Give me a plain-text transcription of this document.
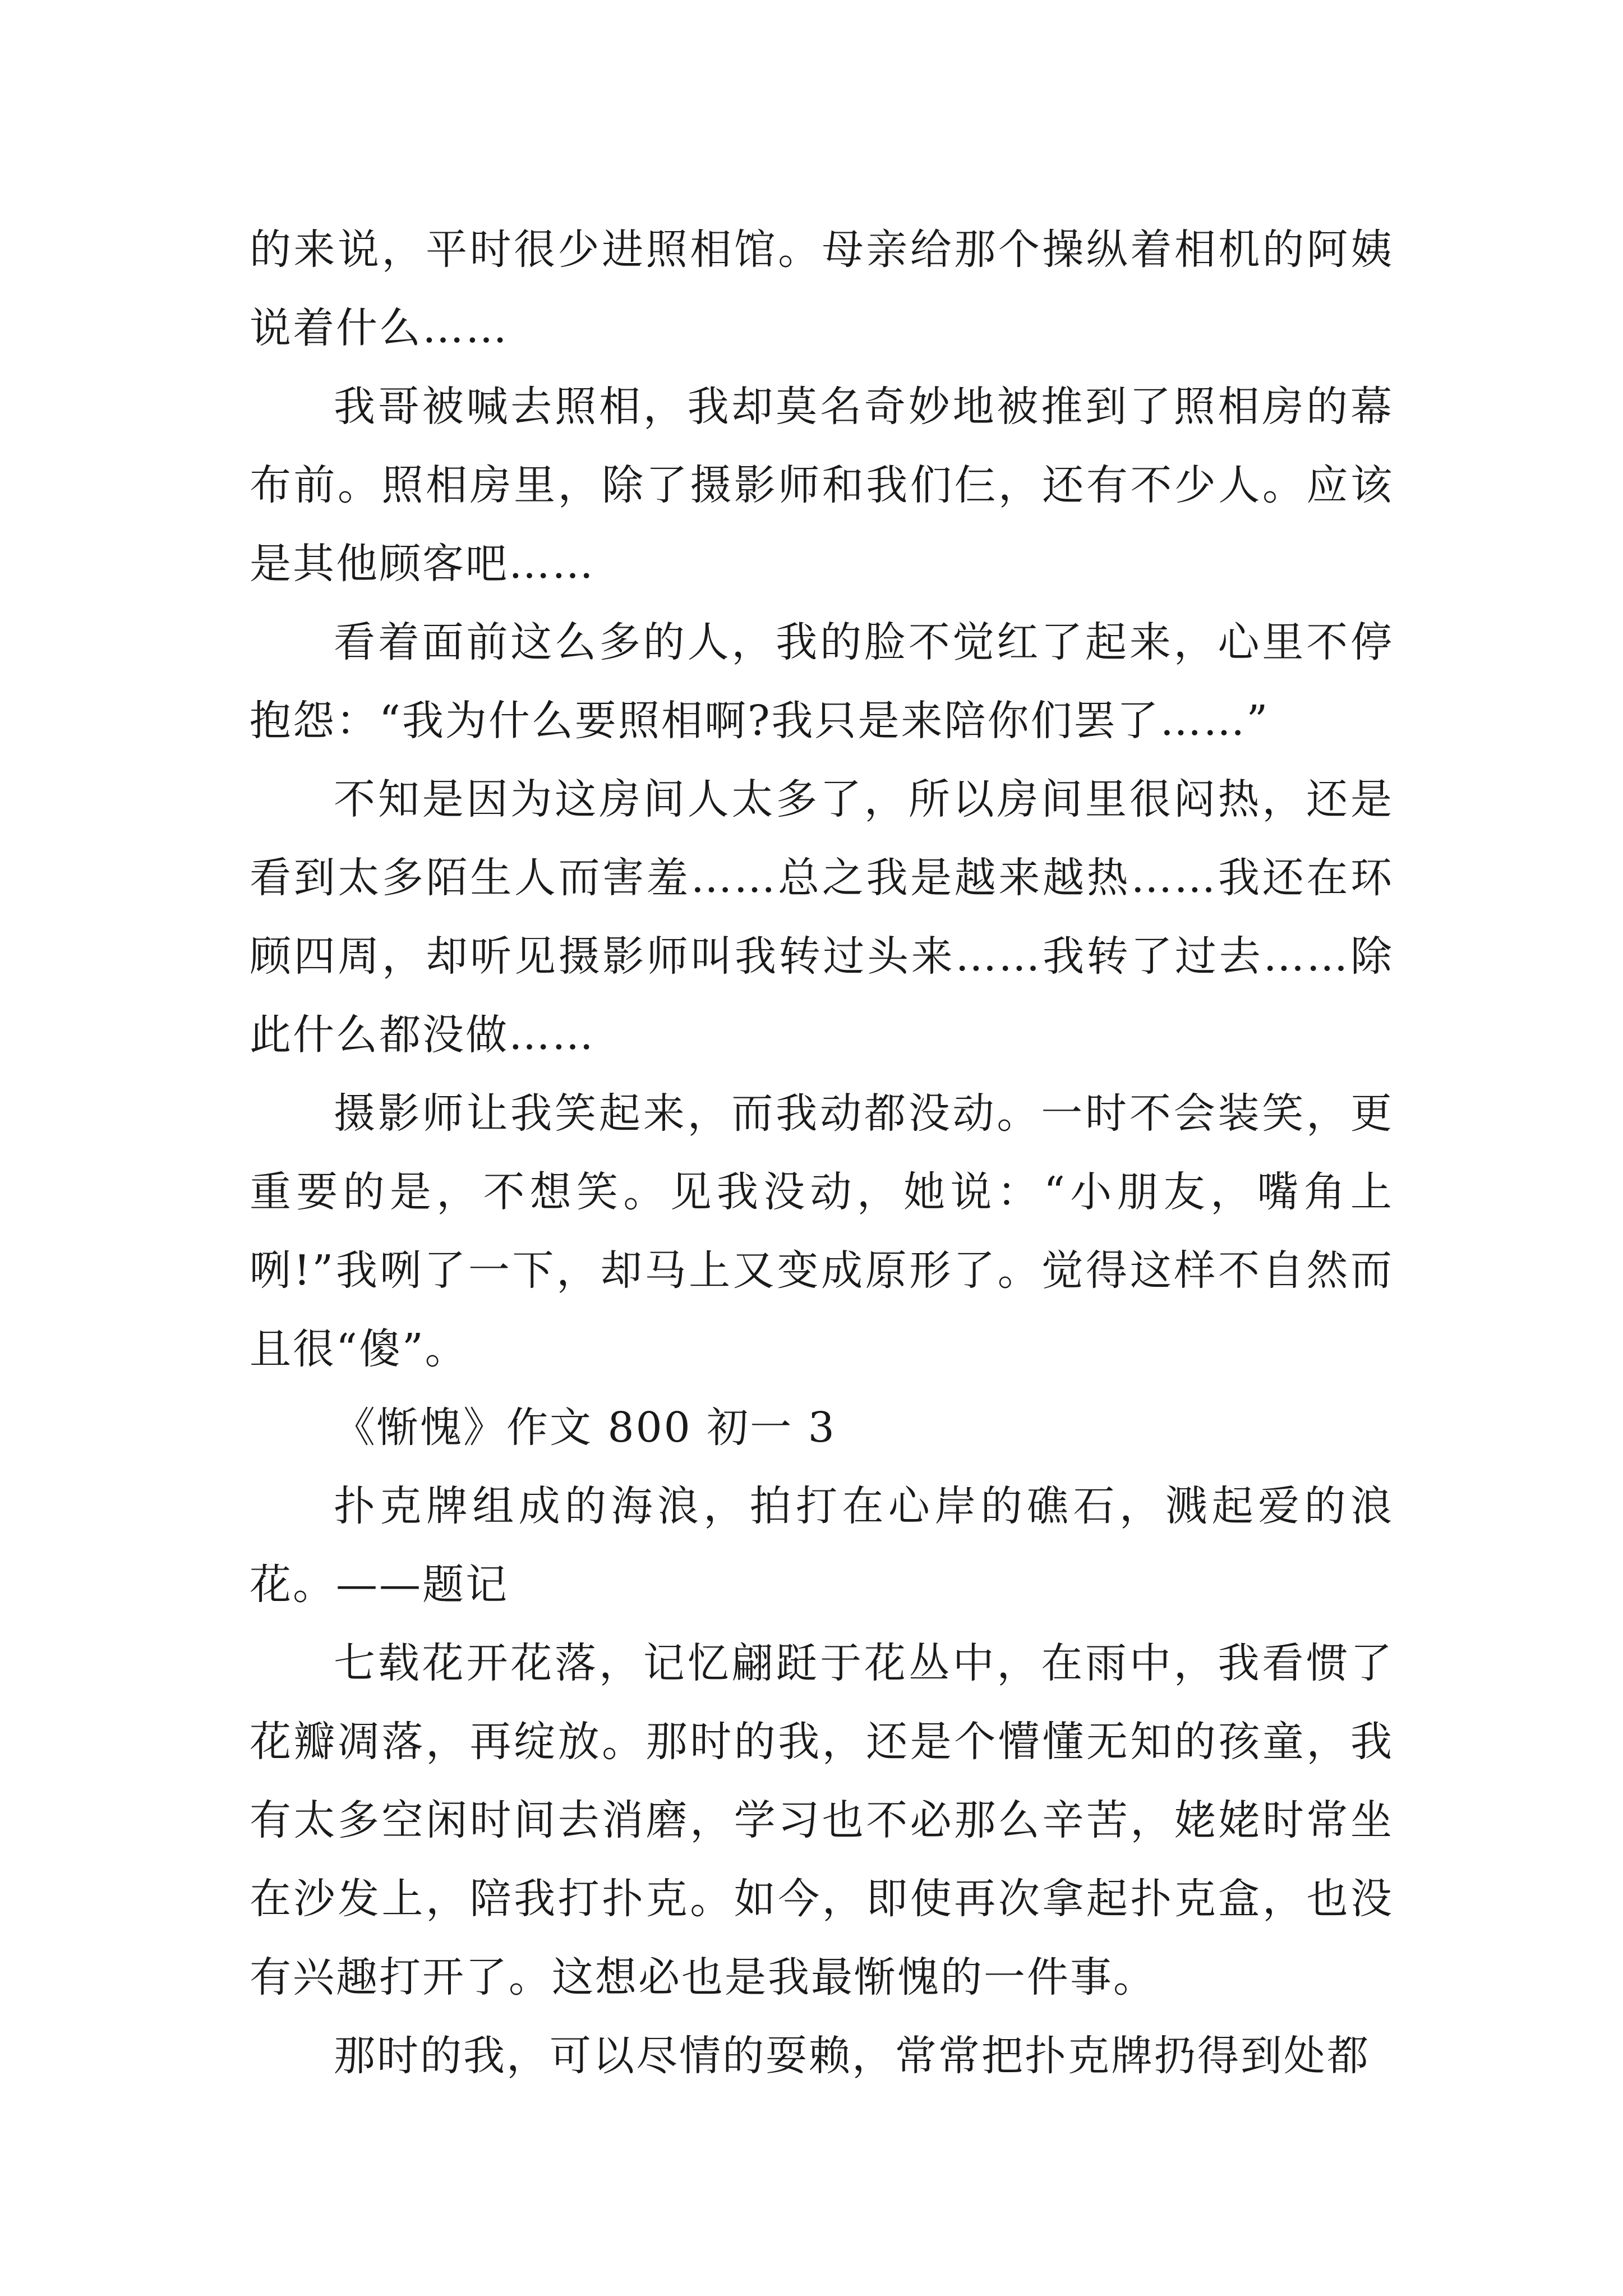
的来说，平时很少进照相馆。母亲给那个操纵着相机的阿姨说着什么……

我哥被喊去照相，我却莫名奇妙地被推到了照相房的幕布前。照相房里，除了摄影师和我们仨，还有不少人。应该是其他顾客吧……

看着面前这么多的人，我的脸不觉红了起来，心里不停抱怨：“我为什么要照相啊?我只是来陪你们罢了……”

不知是因为这房间人太多了，所以房间里很闷热，还是看到太多陌生人而害羞……总之我是越来越热……我还在环顾四周，却听见摄影师叫我转过头来……我转了过去……除此什么都没做……

摄影师让我笑起来，而我动都没动。一时不会装笑，更重要的是，不想笑。见我没动，她说：“小朋友，嘴角上咧!”我咧了一下，却马上又变成原形了。觉得这样不自然而且很“傻”。

《惭愧》作文 800 初一 3

扑克牌组成的海浪，拍打在心岸的礁石，溅起爱的浪花。——题记

七载花开花落，记忆翩跹于花丛中，在雨中，我看惯了花瓣凋落，再绽放。那时的我，还是个懵懂无知的孩童，我有太多空闲时间去消磨，学习也不必那么辛苦，姥姥时常坐在沙发上，陪我打扑克。如今，即使再次拿起扑克盒，也没有兴趣打开了。这想必也是我最惭愧的一件事。

那时的我，可以尽情的耍赖，常常把扑克牌扔得到处都
